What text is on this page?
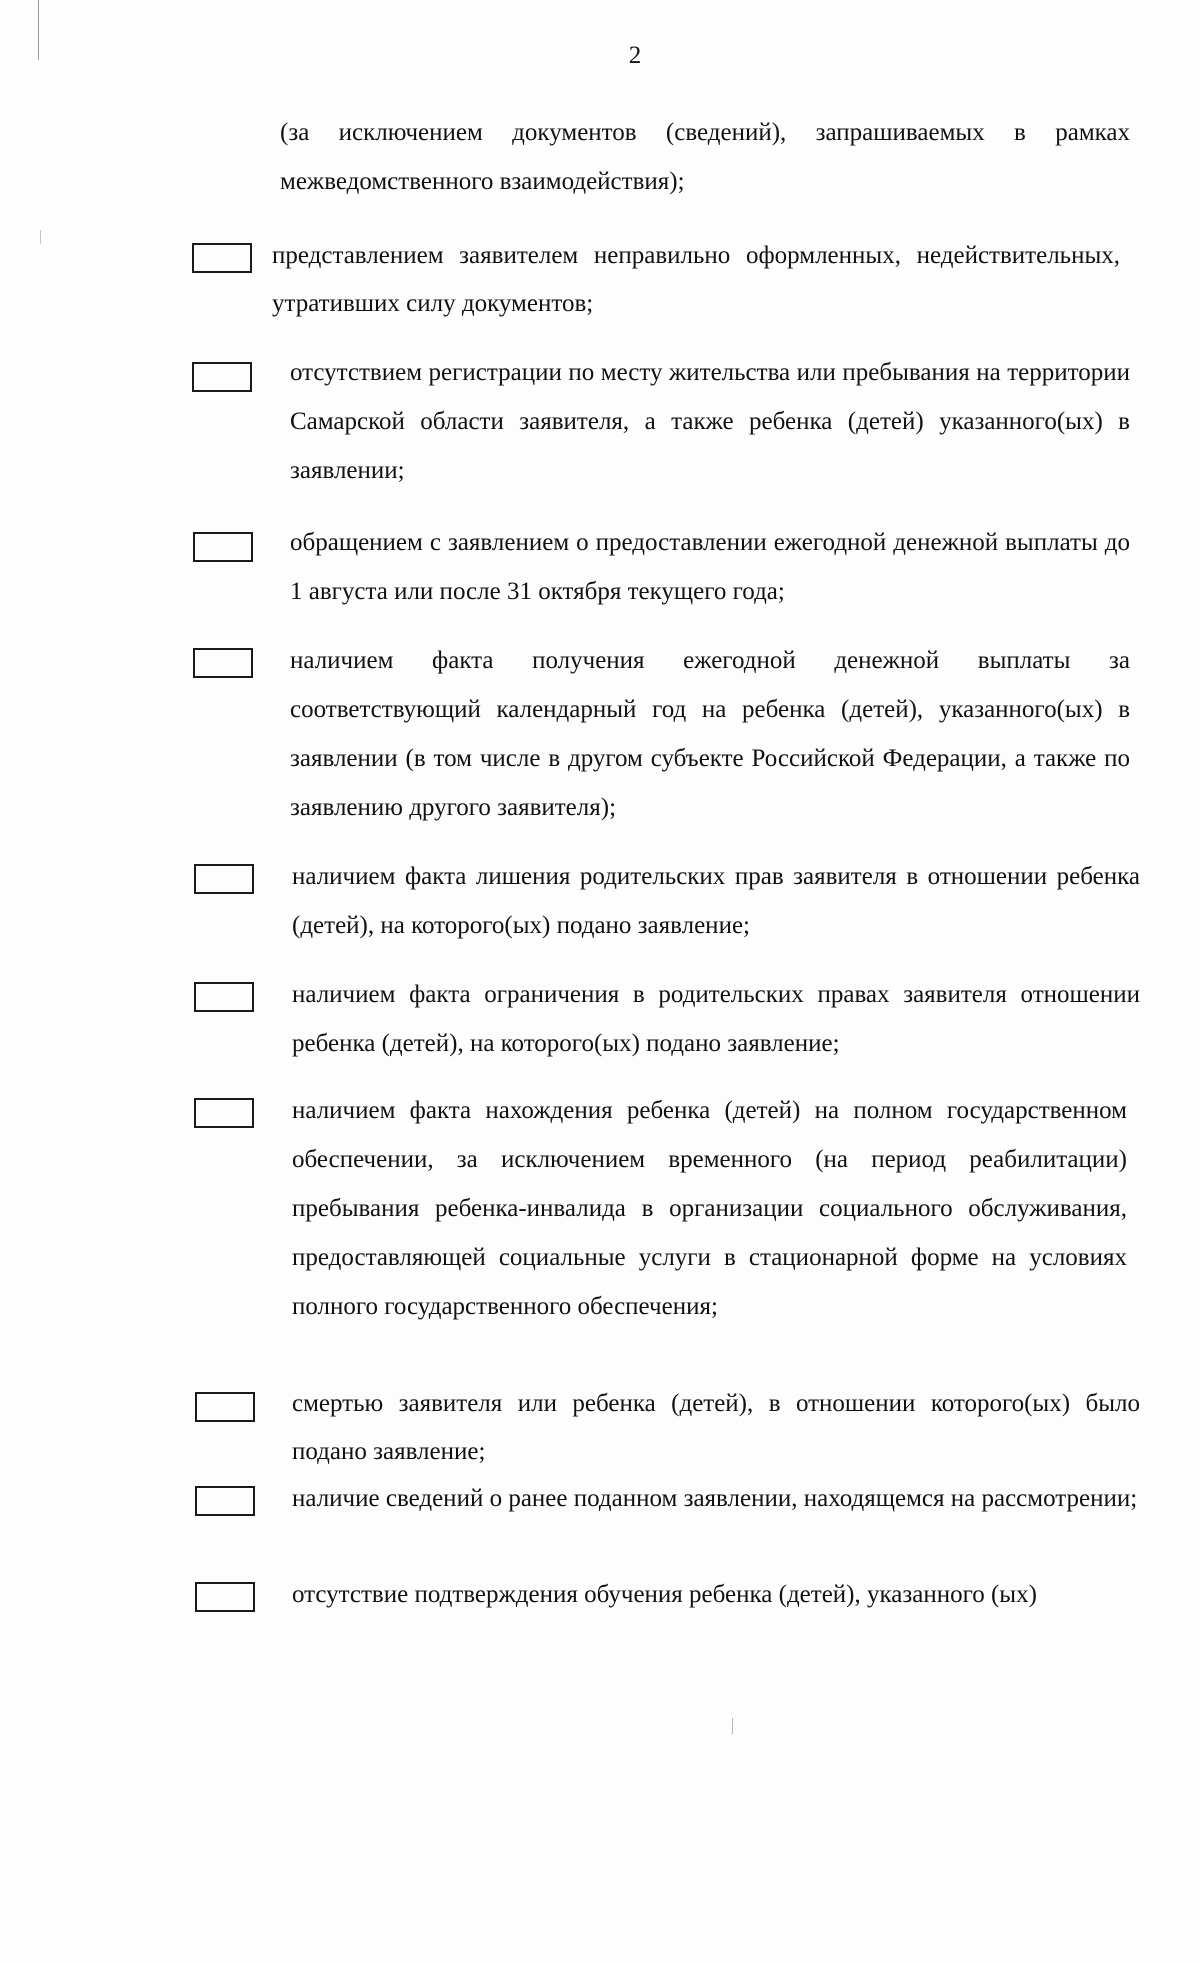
2
(за исключением документов (сведений), запрашиваемых в рамках межведомственного взаимодействия);
представлением заявителем неправильно оформленных, недействительных, утративших силу документов;
отсутствием регистрации по месту жительства или пребывания на территории Самарской области заявителя, а также ребенка (детей) указанного(ых) в заявлении;
обращением с заявлением о предоставлении ежегодной денежной выплаты до 1 августа или после 31 октября текущего года;
наличием факта получения ежегодной денежной выплаты за соответствующий календарный год на ребенка (детей), указанного(ых) в заявлении (в том числе в другом субъекте Российской Федерации, а также по заявлению другого заявителя);
наличием факта лишения родительских прав заявителя в отношении ребенка (детей), на которого(ых) подано заявление;
наличием факта ограничения в родительских правах заявителя отношении ребенка (детей), на которого(ых) подано заявление;
наличием факта нахождения ребенка (детей) на полном государственном обеспечении, за исключением временного (на период реабилитации) пребывания ребенка-инвалида в организации социального обслуживания, предоставляющей социальные услуги в стационарной форме на условиях полного государственного обеспечения;
смертью заявителя или ребенка (детей), в отношении которого(ых) было подано заявление;
наличие сведений о ранее поданном заявлении, находящемся на рассмотрении;
отсутствие подтверждения обучения ребенка (детей), указанного (ых)
